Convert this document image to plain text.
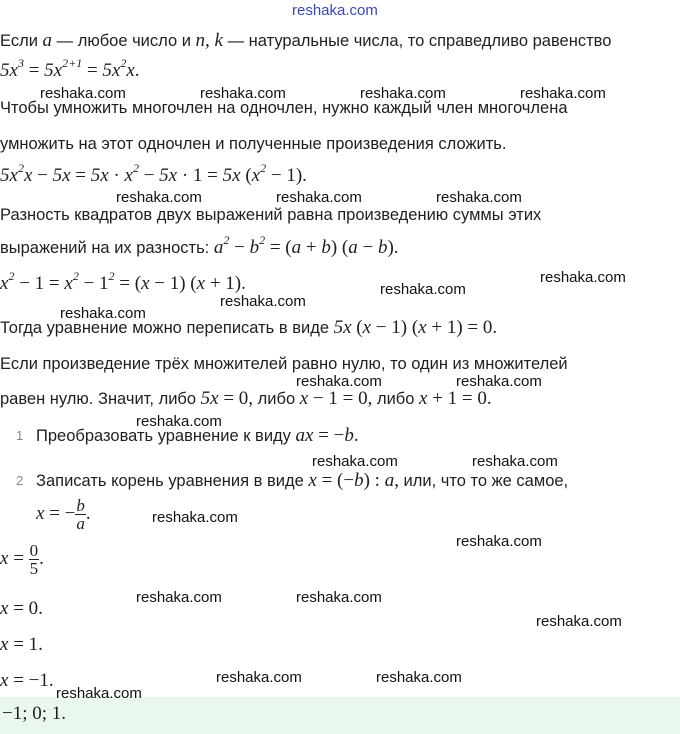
reshaka.com
Если a — любое число и n, k — натуральные числа, то справедливо равенство
$5x^3 = 5x^{2+1} = 5x^2x$.
Чтобы умножить многочлен на одночлен, нужно каждый член многочлена
умножить на этот одночлен и полученные произведения сложить.
$5x^2x - 5x = 5x \cdot x^2 - 5x \cdot 1 = 5x$ $(x^2 - 1)$.
Разность квадратов двух выражений равна произведению суммы этих
выражений на их разность: $a^2 - b^2 = (a + b) (a - b)$.
$x^2 - 1 = x^2 - 1^2 = (x - 1) (x + 1)$.
Тогда уравнение можно переписать в виде 5x (x − 1) (x + 1) = 0.
Если произведение трёх множителей равно нулю, то один из множителей
равен нулю. Значит, либо 5x = 0, либо x − 1 = 0, либо x + 1 = 0.
1 Преобразовать уравнение к виду ax = −b.
2 Записать корень уравнения в виде x = (−b) : a, или, что то же самое,
x = − $\frac{b}{a}$ .
$x = \frac{0}{5}$ .
x = 0.
x = 1.
x = −1.
−1; 0; 1.
reshaka.com	reshaka.com	reshaka.com	reshaka.com
reshaka.com	reshaka.com	reshaka.com
reshaka.com
reshaka.com
reshaka.com
reshaka.com
reshaka.com	reshaka.com
reshaka.com
reshaka.com	reshaka.com
reshaka.com
reshaka.com
reshaka.com	reshaka.com
reshaka.com
reshaka.com	reshaka.com
reshaka.com
